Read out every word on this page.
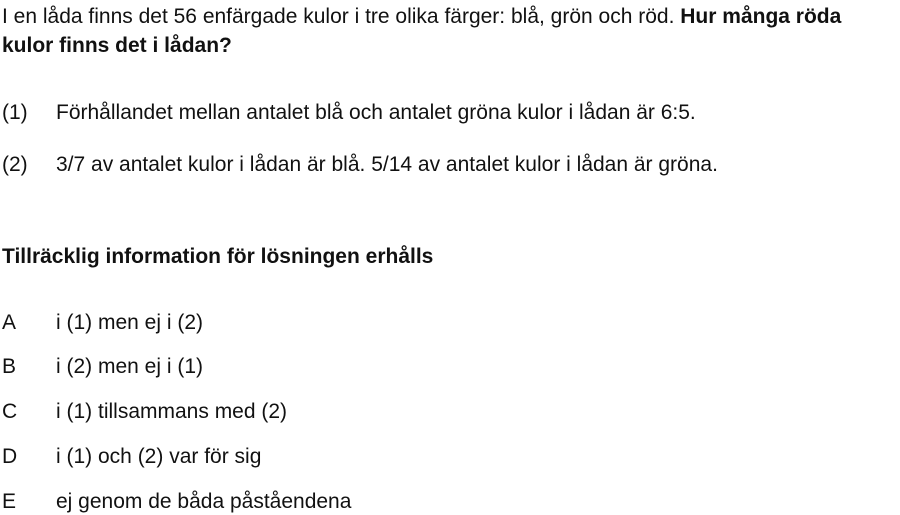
I en låda finns det 56 enfärgade kulor i tre olika färger: blå, grön och röd. Hur många röda kulor finns det i lådan?

(1) Förhållandet mellan antalet blå och antalet gröna kulor i lådan är 6:5.
(2) 3/7 av antalet kulor i lådan är blå. 5/14 av antalet kulor i lådan är gröna.
Tillräcklig information för lösningen erhålls
A i (1) men ej i (2)
B i (2) men ej i (1)
C i (1) tillsammans med (2)
D i (1) och (2) var för sig
E ej genom de båda påståendena
